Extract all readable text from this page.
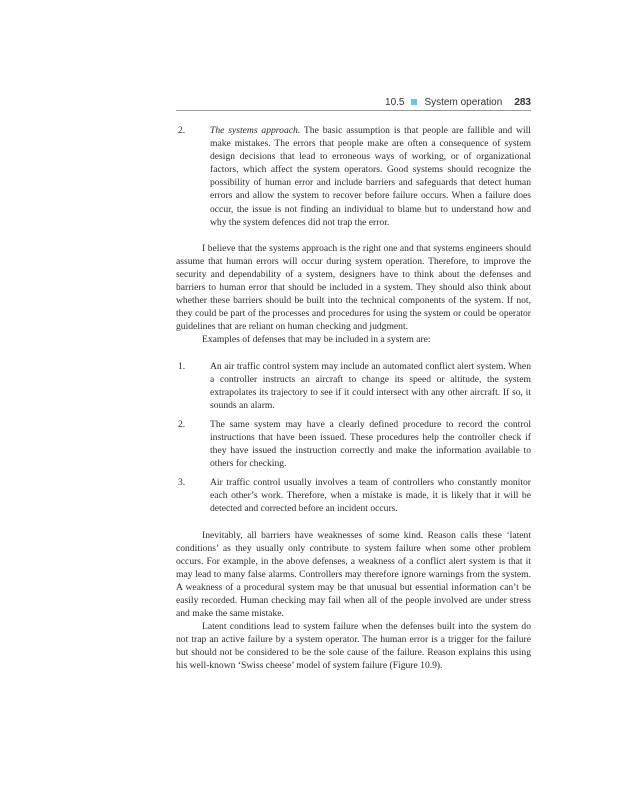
10.5 System operation 283
2.	The systems approach. The basic assumption is that people are fallible and will make mistakes. The errors that people make are often a consequence of system design decisions that lead to erroneous ways of working, or of organizational factors, which affect the system operators. Good systems should recognize the possibility of human error and include barriers and safeguards that detect human errors and allow the system to recover before failure occurs. When a failure does occur, the issue is not finding an individual to blame but to understand how and why the system defences did not trap the error.

I believe that the systems approach is the right one and that systems engineers should assume that human errors will occur during system operation. Therefore, to improve the security and dependability of a system, designers have to think about the defenses and barriers to human error that should be included in a system. They should also think about whether these barriers should be built into the technical components of the system. If not, they could be part of the processes and procedures for using the system or could be operator guidelines that are reliant on human checking and judgment.

Examples of defenses that may be included in a system are:

1.	An air traffic control system may include an automated conflict alert system. When a controller instructs an aircraft to change its speed or altitude, the system extrapolates its trajectory to see if it could intersect with any other aircraft. If so, it sounds an alarm.
2.	The same system may have a clearly defined procedure to record the control instructions that have been issued. These procedures help the controller check if they have issued the instruction correctly and make the information available to others for checking.
3.	Air traffic control usually involves a team of controllers who constantly monitor each other’s work. Therefore, when a mistake is made, it is likely that it will be detected and corrected before an incident occurs.

Inevitably, all barriers have weaknesses of some kind. Reason calls these ‘latent conditions’ as they usually only contribute to system failure when some other problem occurs. For example, in the above defenses, a weakness of a conflict alert system is that it may lead to many false alarms. Controllers may therefore ignore warnings from the system. A weakness of a procedural system may be that unusual but essential information can’t be easily recorded. Human checking may fail when all of the people involved are under stress and make the same mistake.

Latent conditions lead to system failure when the defenses built into the system do not trap an active failure by a system operator. The human error is a trigger for the failure but should not be considered to be the sole cause of the failure. Reason explains this using his well-known ‘Swiss cheese’ model of system failure (Figure 10.9).
